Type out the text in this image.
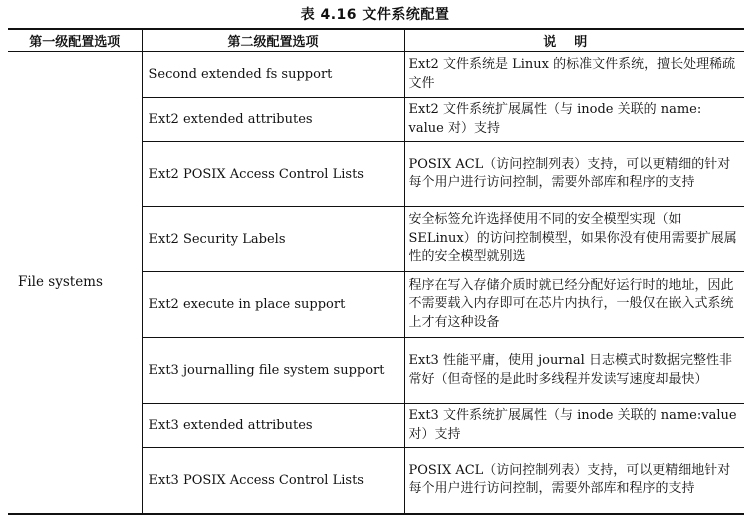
表 4.16 文件系统配置
第一级配置选项	第二级配置选项	说明
File systems	Second extended fs support	Ext2 文件系统是 Linux 的标准文件系统，擅长处理稀疏文件
	Ext2 extended attributes	Ext2 文件系统扩展属性（与 inode 关联的 name: value 对）支持
	Ext2 POSIX Access Control Lists	POSIX ACL（访问控制列表）支持，可以更精细的针对每个用户进行访问控制，需要外部库和程序的支持
	Ext2 Security Labels	安全标签允许选择使用不同的安全模型实现（如 SELinux）的访问控制模型，如果你没有使用需要扩展属性的安全模型就别选
	Ext2 execute in place support	程序在写入存储介质时就已经分配好运行时的地址，因此不需要载入内存即可在芯片内执行，一般仅在嵌入式系统上才有这种设备
	Ext3 journalling file system support	Ext3 性能平庸，使用 journal 日志模式时数据完整性非常好（但奇怪的是此时多线程并发读写速度却最快）
	Ext3 extended attributes	Ext3 文件系统扩展属性（与 inode 关联的 name:value 对）支持
	Ext3 POSIX Access Control Lists	POSIX ACL（访问控制列表）支持，可以更精细地针对每个用户进行访问控制，需要外部库和程序的支持
